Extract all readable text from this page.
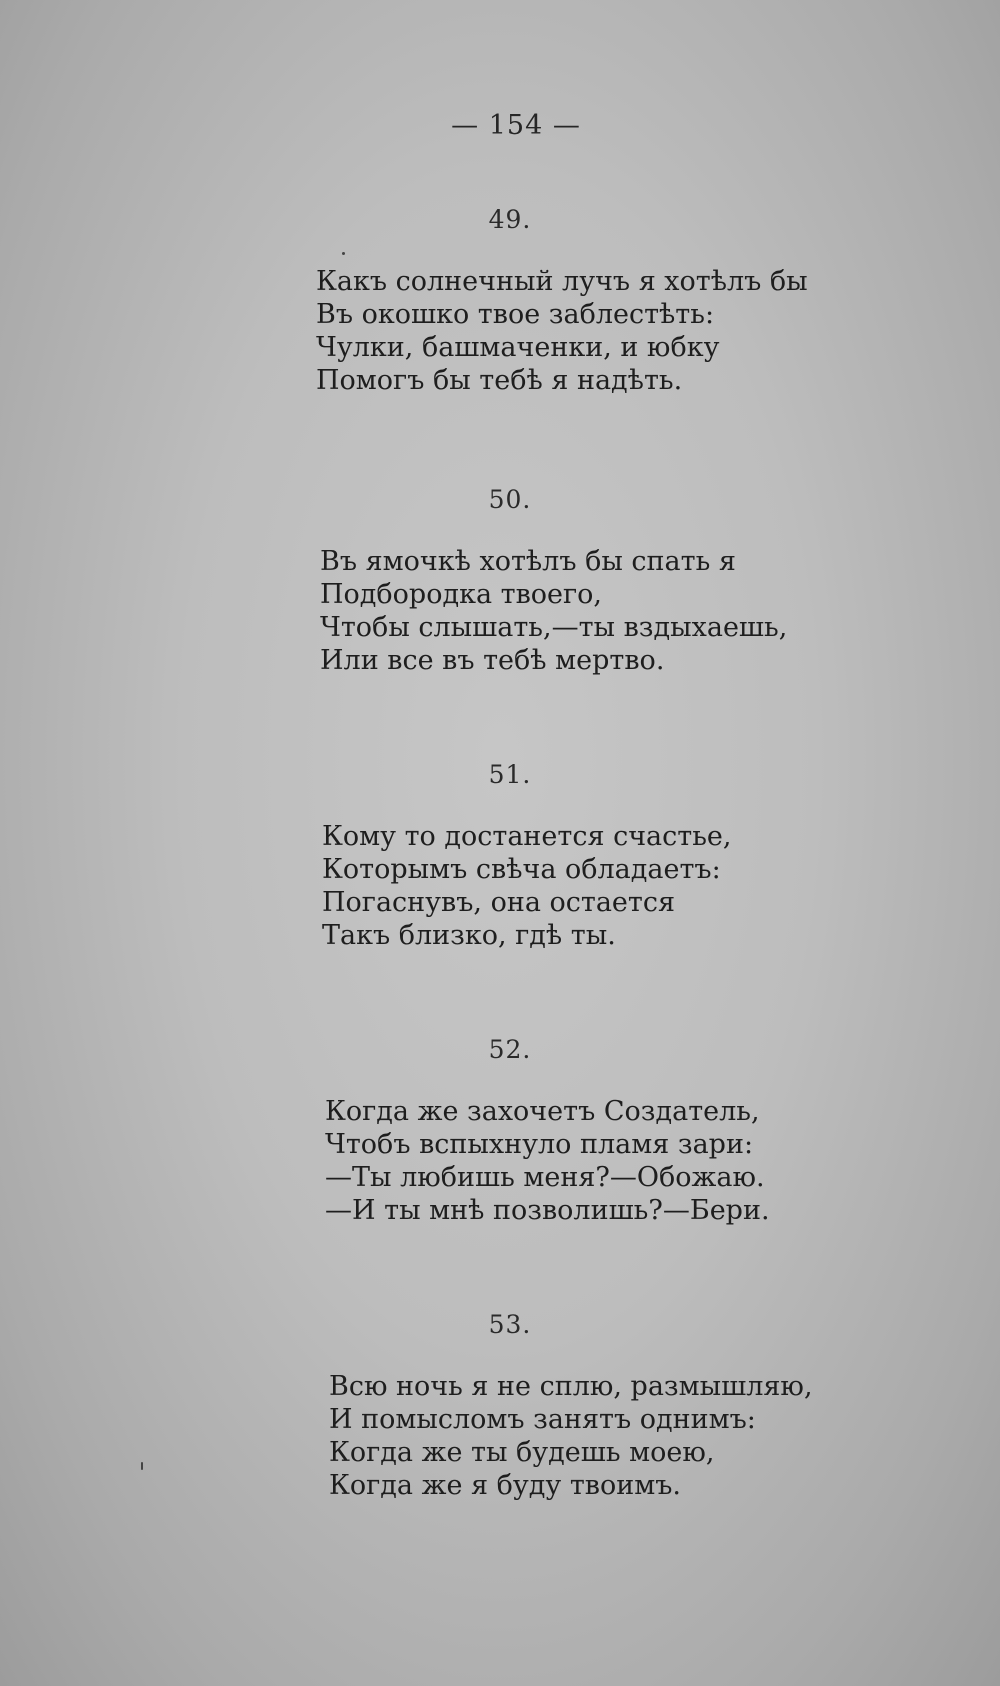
— 154 —
49.
Какъ солнечный лучъ я хотѣлъ бы
Въ окошко твое заблестѣть:
Чулки, башмаченки, и юбку
Помогъ бы тебѣ я надѣть.
50.
Въ ямочкѣ хотѣлъ бы спать я
Подбородка твоего,
Чтобы слышать,—ты вздыхаешь,
Или все въ тебѣ мертво.
51.
Кому то достанется счастье,
Которымъ свѣча обладаетъ:
Погаснувъ, она остается
Такъ близко, гдѣ ты.
52.
Когда же захочетъ Создатель,
Чтобъ вспыхнуло пламя зари:
—Ты любишь меня?—Обожаю.
—И ты мнѣ позволишь?—Бери.
53.
Всю ночь я не сплю, размышляю,
И помысломъ занятъ однимъ:
Когда же ты будешь моею,
Когда же я буду твоимъ.
